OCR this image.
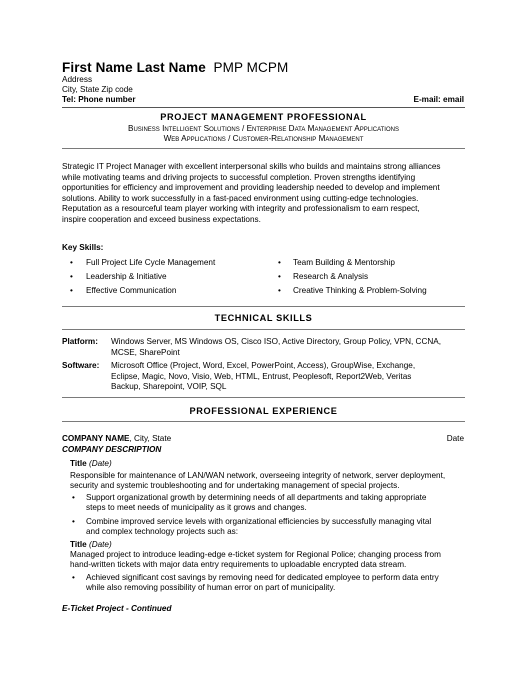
First Name Last Name PMP MCPM
Address
City, State Zip code
Tel: Phone number	E-mail: email
PROJECT MANAGEMENT PROFESSIONAL
Business Intelligent Solutions / Enterprise Data Management Applications
Web Applications / Customer-Relationship Management
Strategic IT Project Manager with excellent interpersonal skills who builds and maintains strong alliances
while motivating teams and driving projects to successful completion. Proven strengths identifying
opportunities for efficiency and improvement and providing leadership needed to develop and implement
solutions. Ability to work successfully in a fast-paced environment using cutting-edge technologies.
Reputation as a resourceful team player working with integrity and professionalism to earn respect,
inspire cooperation and exceed business expectations.
Key Skills:
• Full Project Life Cycle Management
• Leadership & Initiative
• Effective Communication
• Team Building & Mentorship
• Research & Analysis
• Creative Thinking & Problem-Solving
TECHNICAL SKILLS
Platform: Windows Server, MS Windows OS, Cisco ISO, Active Directory, Group Policy, VPN, CCNA,
MCSE, SharePoint
Software: Microsoft Office (Project, Word, Excel, PowerPoint, Access), GroupWise, Exchange,
Eclipse, Magic, Novo, Visio, Web, HTML, Entrust, Peoplesoft, Report2Web, Veritas
Backup, Sharepoint, VOIP, SQL
PROFESSIONAL EXPERIENCE
COMPANY NAME, City, State	Date
COMPANY DESCRIPTION
Title (Date)
Responsible for maintenance of LAN/WAN network, overseeing integrity of network, server deployment,
security and systemic troubleshooting and for undertaking management of special projects.
• Support organizational growth by determining needs of all departments and taking appropriate
steps to meet needs of municipality as it grows and changes.
• Combine improved service levels with organizational efficiencies by successfully managing vital
and complex technology projects such as:
Title (Date)
Managed project to introduce leading-edge e-ticket system for Regional Police; changing process from
hand-written tickets with major data entry requirements to uploadable encrypted data stream.
• Achieved significant cost savings by removing need for dedicated employee to perform data entry
while also removing possibility of human error on part of municipality.
E-Ticket Project - Continued
